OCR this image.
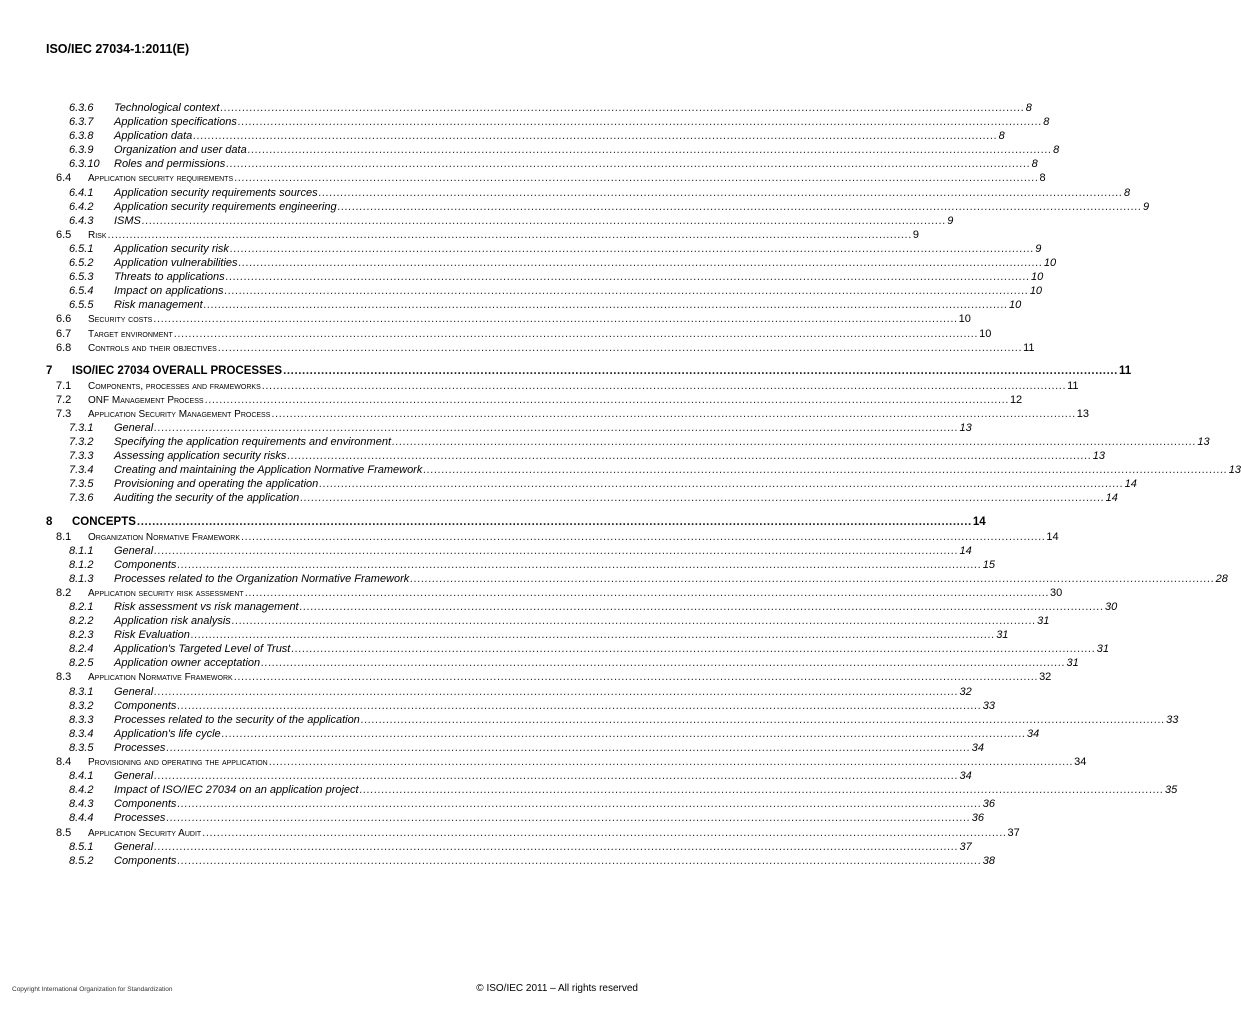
ISO/IEC 27034-1:2011(E)
6.3.6 Technological context ............................................................................................................................................................................................................................ 8
6.3.7 Application specifications ............................................................................................................................................................................................................................ 8
6.3.8 Application data ............................................................................................................................................................................................................................ 8
6.3.9 Organization and user data ............................................................................................................................................................................................................................ 8
6.3.10 Roles and permissions ............................................................................................................................................................................................................................ 8
6.4 Application security requirements ............................................................................................................................................................................................................................ 8
6.4.1 Application security requirements sources ............................................................................................................................................................................................................................ 8
6.4.2 Application security requirements engineering ............................................................................................................................................................................................................................ 9
6.4.3 ISMS ............................................................................................................................................................................................................................ 9
6.5 Risk ............................................................................................................................................................................................................................ 9
6.5.1 Application security risk ............................................................................................................................................................................................................................ 9
6.5.2 Application vulnerabilities ............................................................................................................................................................................................................................ 10
6.5.3 Threats to applications ............................................................................................................................................................................................................................ 10
6.5.4 Impact on applications ............................................................................................................................................................................................................................ 10
6.5.5 Risk management ............................................................................................................................................................................................................................ 10
6.6 Security costs ............................................................................................................................................................................................................................ 10
6.7 Target environment ............................................................................................................................................................................................................................ 10
6.8 Controls and their objectives ............................................................................................................................................................................................................................ 11
7 ISO/IEC 27034 OVERALL PROCESSES ............................................................................................................................................................................................................................ 11
7.1 Components, processes and frameworks ............................................................................................................................................................................................................................ 11
7.2 ONF Management Process ............................................................................................................................................................................................................................ 12
7.3 Application Security Management Process ............................................................................................................................................................................................................................ 13
7.3.1 General ............................................................................................................................................................................................................................ 13
7.3.2 Specifying the application requirements and environment ............................................................................................................................................................................................................................ 13
7.3.3 Assessing application security risks ............................................................................................................................................................................................................................ 13
7.3.4 Creating and maintaining the Application Normative Framework ............................................................................................................................................................................................................................ 13
7.3.5 Provisioning and operating the application ............................................................................................................................................................................................................................ 14
7.3.6 Auditing the security of the application ............................................................................................................................................................................................................................ 14
8 CONCEPTS ............................................................................................................................................................................................................................ 14
8.1 Organization Normative Framework ............................................................................................................................................................................................................................ 14
8.1.1 General ............................................................................................................................................................................................................................ 14
8.1.2 Components ............................................................................................................................................................................................................................ 15
8.1.3 Processes related to the Organization Normative Framework ............................................................................................................................................................................................................................ 28
8.2 Application security risk assessment ............................................................................................................................................................................................................................ 30
8.2.1 Risk assessment vs risk management ............................................................................................................................................................................................................................ 30
8.2.2 Application risk analysis ............................................................................................................................................................................................................................ 31
8.2.3 Risk Evaluation ............................................................................................................................................................................................................................ 31
8.2.4 Application's Targeted Level of Trust ............................................................................................................................................................................................................................ 31
8.2.5 Application owner acceptation ............................................................................................................................................................................................................................ 31
8.3 Application Normative Framework ............................................................................................................................................................................................................................ 32
8.3.1 General ............................................................................................................................................................................................................................ 32
8.3.2 Components ............................................................................................................................................................................................................................ 33
8.3.3 Processes related to the security of the application ............................................................................................................................................................................................................................ 33
8.3.4 Application's life cycle ............................................................................................................................................................................................................................ 34
8.3.5 Processes ............................................................................................................................................................................................................................ 34
8.4 Provisioning and operating the application ............................................................................................................................................................................................................................ 34
8.4.1 General ............................................................................................................................................................................................................................ 34
8.4.2 Impact of ISO/IEC 27034 on an application project ............................................................................................................................................................................................................................ 35
8.4.3 Components ............................................................................................................................................................................................................................ 36
8.4.4 Processes ............................................................................................................................................................................................................................ 36
8.5 Application Security Audit ............................................................................................................................................................................................................................ 37
8.5.1 General ............................................................................................................................................................................................................................ 37
8.5.2 Components ............................................................................................................................................................................................................................ 38
Copyright International Organization for Standardization	© ISO/IEC 2011 – All rights reserved
